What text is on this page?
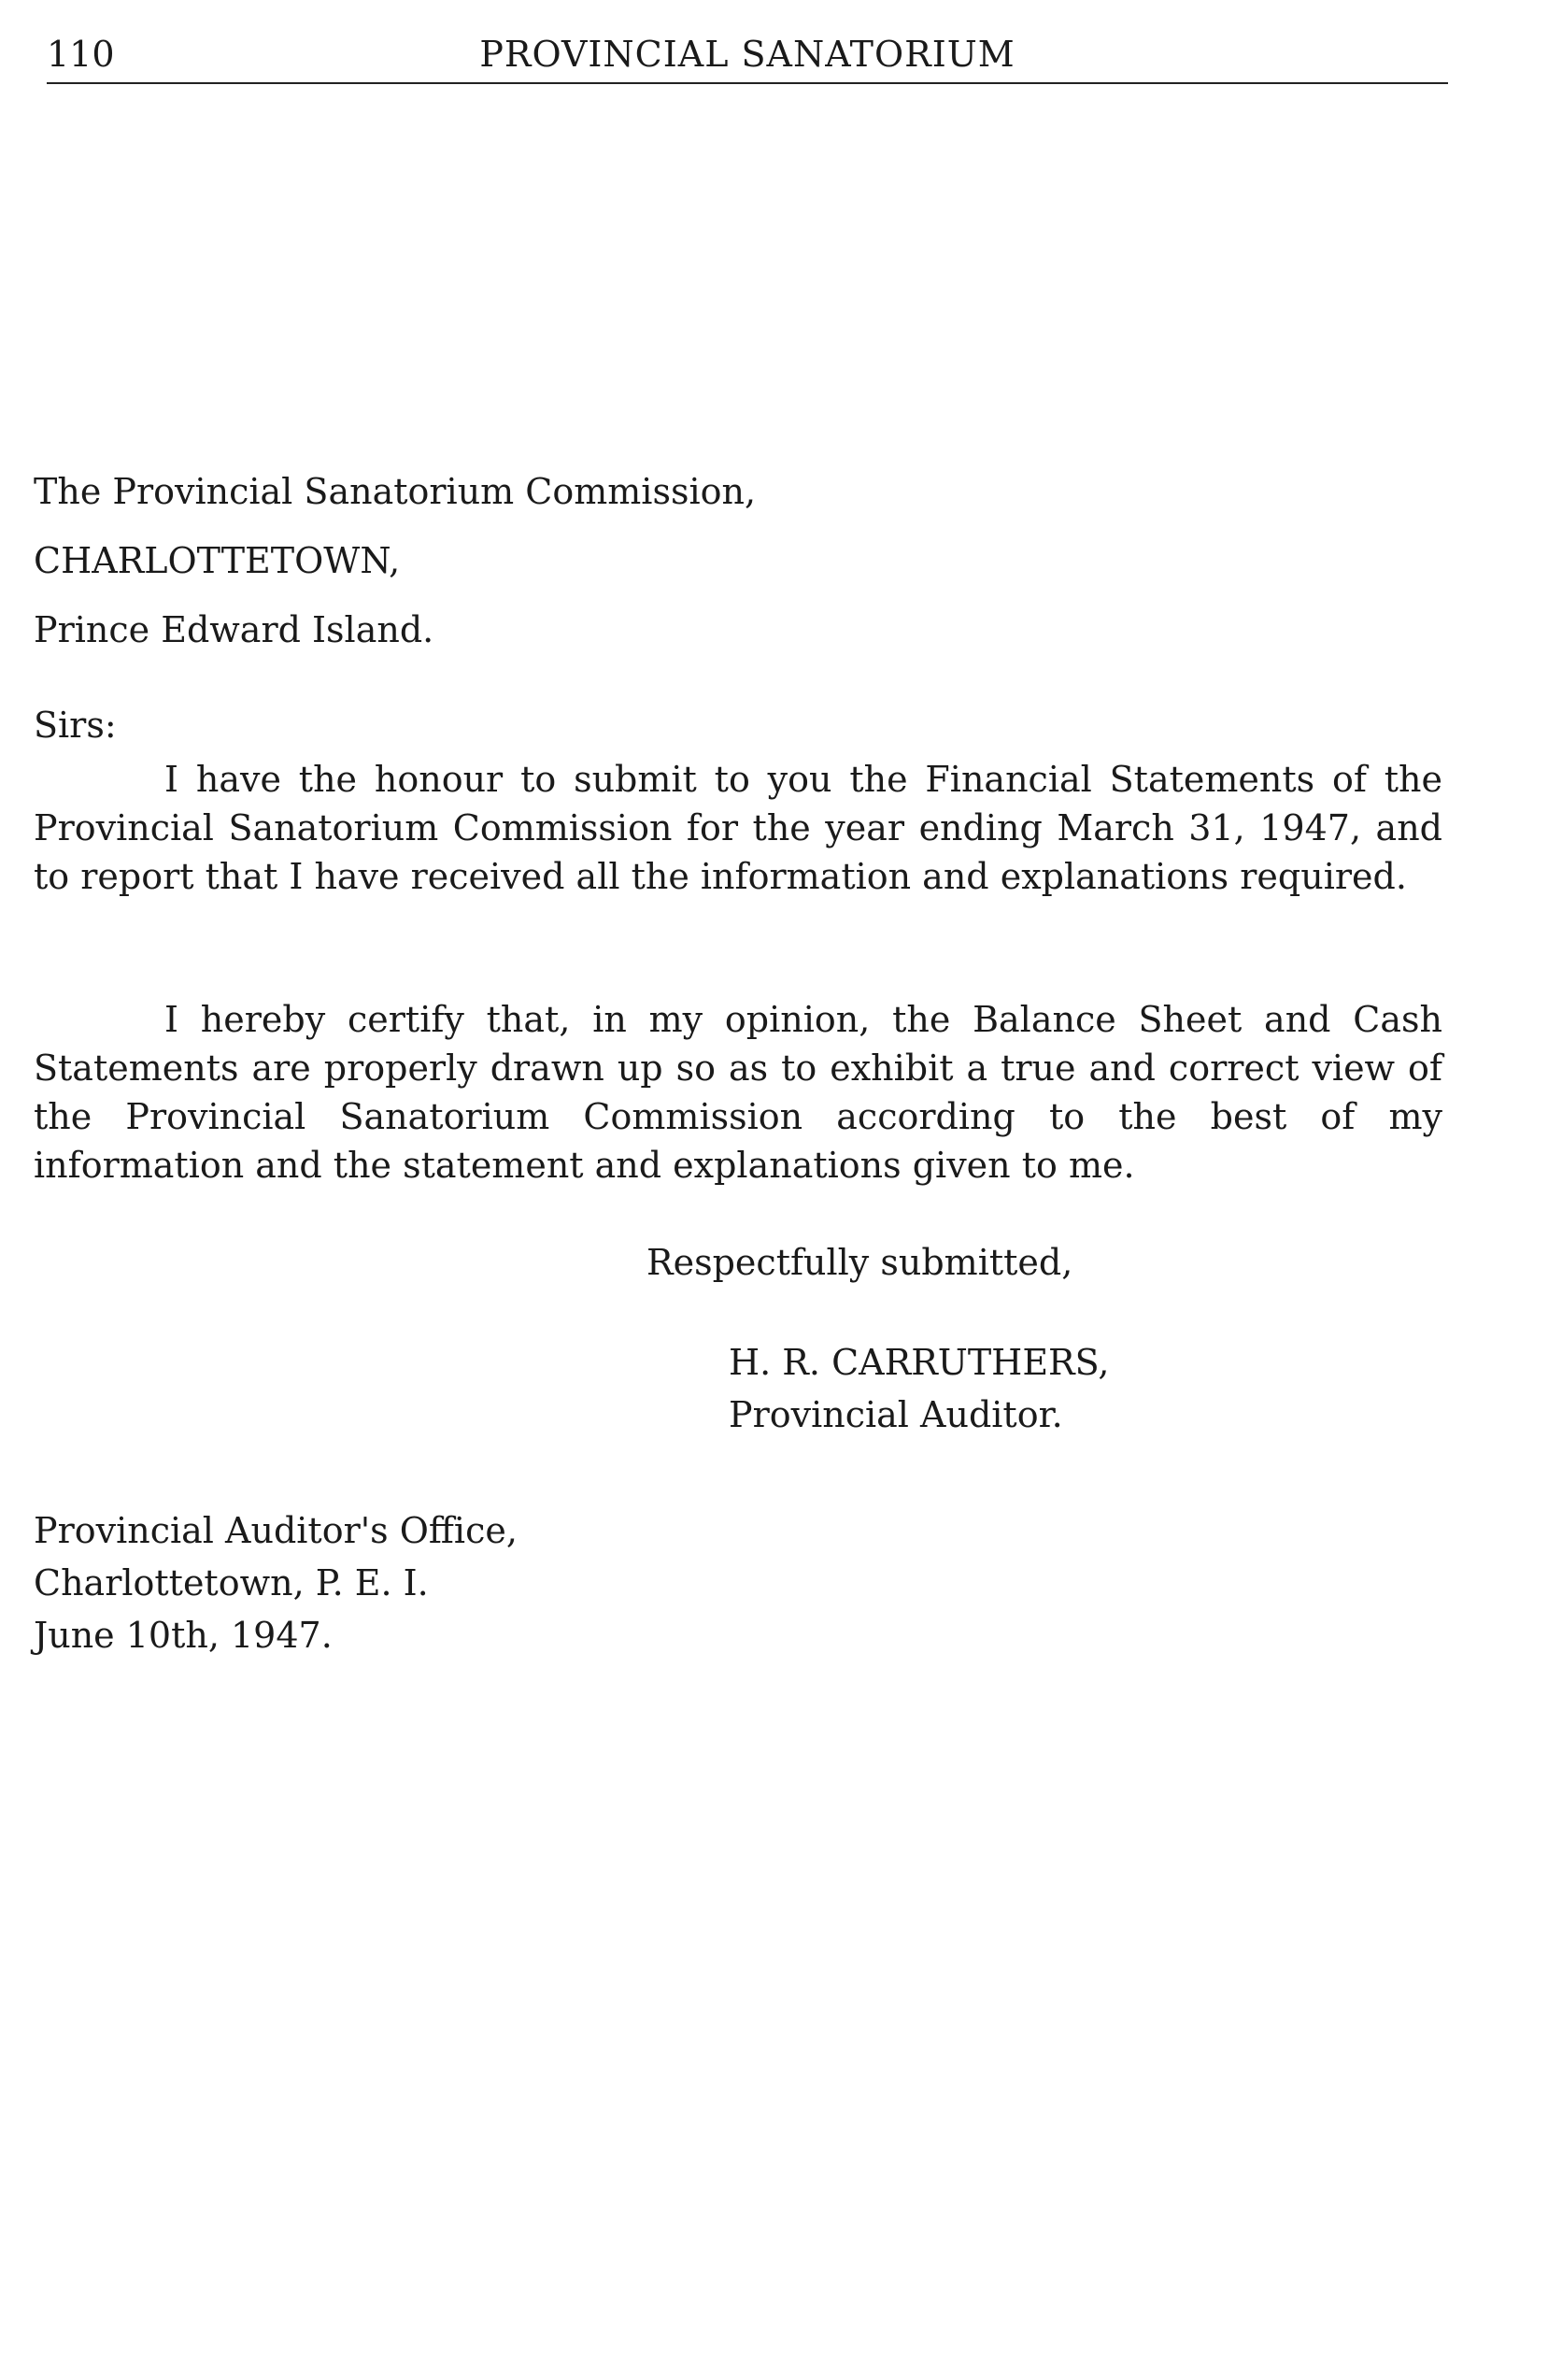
110	PROVINCIAL SANATORIUM
The Provincial Sanatorium Commission,
CHARLOTTETOWN,
Prince Edward Island.
Sirs:

I have the honour to submit to you the Financial Statements of the Provincial Sanatorium Commission for the year ending March 31, 1947, and to report that I have received all the information and explanations required.

I hereby certify that, in my opinion, the Balance Sheet and Cash Statements are properly drawn up so as to exhibit a true and correct view of the Provincial Sanatorium Commission according to the best of my information and the statement and explanations given to me.

Respectfully submitted,
H. R. CARRUTHERS,
Provincial Auditor.
Provincial Auditor's Office,
Charlottetown, P. E. I.
June 10th, 1947.
